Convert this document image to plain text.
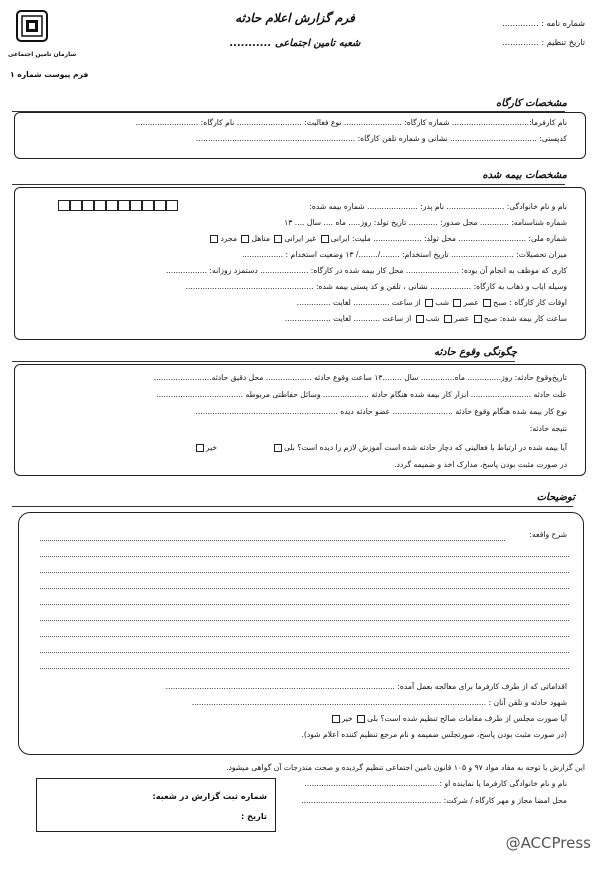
سازمان تامین اجتماعی
فرم پیوست شماره ۱
فرم گزارش اعلام حادثه
شعبه تامین اجتماعی ...........
شماره نامه : ..............
تاریخ تنظیم : ..............
مشخصات کارگاه
نام کارفرما:................................ شماره کارگاه: ........................ نوع فعالیت: ........................... نام کارگاه: ..........................
کدپستی: .................................... نشانی و شماره تلفن کارگاه: ..................................................................
مشخصات بیمه شده
نام و نام خانوادگی: ........................ نام پدر: ..................... شماره بیمه شده:
شماره شناسنامه: ............ محل صدور: ............ تاریخ تولد: روز..... ماه .... سال .... ۱۳
شماره ملی: ............................ محل تولد: .................... ملیت: ایرانی غیر ایرانی متاهل مجرد
میزان تحصیلات: .......................... تاریخ استخدام: ......../......../ ۱۳ وضعیت استخدام : .................
کاری که موظف به انجام آن بوده: ...................... محل کار بیمه شده در کارگاه: .................... دستمزد روزانه: .................
وسیله ایاب و ذهاب به کارگاه: ................. نشانی ، تلفن و کد پستی بیمه شده: .....................................................
اوقات کار کارگاه : صبح عصر شب از ساعت ............... لغایت ..............
ساعت کار بیمه شده: صبح عصر شب از ساعت ........... لغایت ...................
چگونگی وقوع حادثه
تاریخ‌وقوع حادثه: روز.............. ماه.............. سال ........۱۳ ساعت وقوع حادثه ................... محل دقیق حادثه........................
علت حادثه ......................... ابزار کار بیمه شده هنگام حادثه ................... وسائل حفاظتی مربوطه ....................................
نوع کار بیمه شده هنگام وقوع حادثه ......................... عضو حادثه دیده ...........................................................
نتیجه حادثه:
آیا بیمه شده در ارتباط با فعالیتی که دچار حادثه شده است آموزش لازم را دیده است؟ بلی  خیر
در صورت مثبت بودن پاسخ، مدارک اخذ و ضمیمه گردد.
توضیحات
شرح واقعه:
اقداماتی که از طرف کارفرما برای معالجه بعمل آمده: ...............................................................................................
شهود حادثه و تلفن آنان : ..........................................................................................................................
آیا صورت مجلس از طرف مقامات صالح تنظیم شده است؟ بلی خیر
(در صورت مثبت بودن پاسخ، صورتجلس ضمیمه و نام مرجع تنظیم کننده اعلام شود).
این گزارش با توجه به مفاد مواد ۹۷ و ۱۰۵ قانون تامین اجتماعی تنظیم گردیده و صحت مندرجات آن گواهی میشود.
نام و نام خانوادگی کارفرما یا نماینده او : .......................................................
محل امضا مجاز و مهر کارگاه / شرکت: ..........................................................
شماره ثبت گزارش در شعبه:
تاریخ :
@ACCPress
